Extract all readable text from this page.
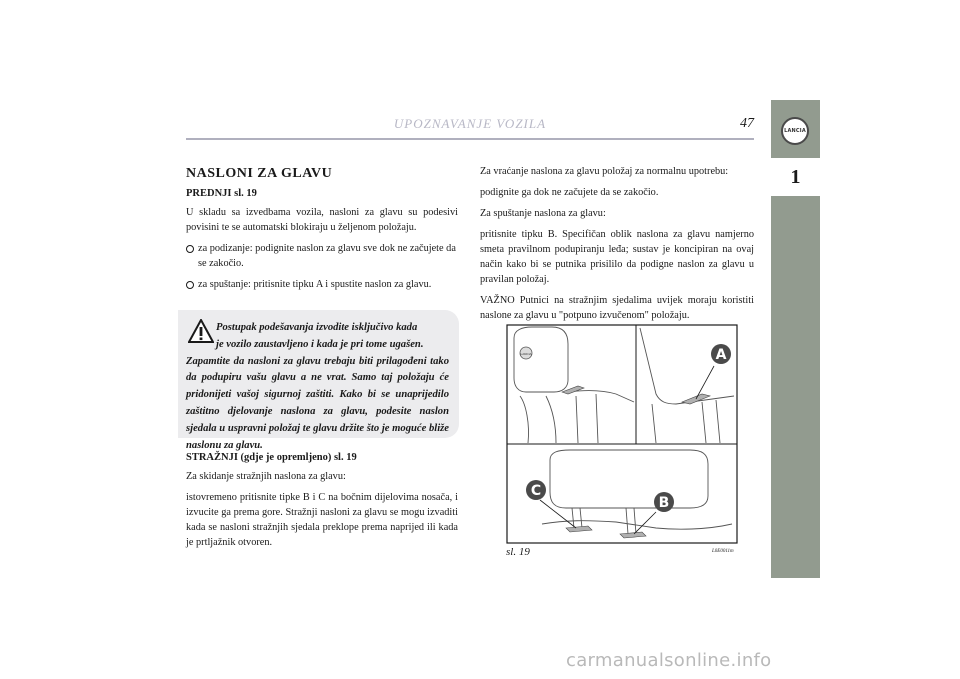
UPOZNAVANJE VOZILA	47	LANCIA
1
NASLONI ZA GLAVU
PREDNJI sl. 19
U skladu sa izvedbama vozila, nasloni za glavu su podesivi povisini te se automatski blokiraju u željenom položaju.
za podizanje: podignite naslon za glavu sve dok ne začujete da se zakočio.
za spuštanje: pritisnite tipku A i spustite naslon za glavu.
Postupak podešavanja izvodite isključivo kada
je vozilo zaustavljeno i kada je pri tome ugašen.
Zapamtite da nasloni za glavu trebaju biti prilagođeni tako da podupiru vašu glavu a ne vrat. Samo taj položaju će pridonijeti vašoj sigurnoj zaštiti. Kako bi se unaprijedilo zaštitno djelovanje naslona za glavu, podesite naslon sjedala u uspravni položaj te glavu držite što je moguće bliže naslonu za glavu.
STRAŽNJI (gdje je opremljeno) sl. 19
Za skidanje stražnjih naslona za glavu:
istovremeno pritisnite tipke B i C na bočnim dijelovima nosača, i izvucite ga prema gore. Stražnji nasloni za glavu se mogu izvaditi kada se nasloni stražnjih sjedala preklope prema naprijed ili kada je prtljažnik otvoren.
Za vraćanje naslona za glavu položaj za normalnu upotrebu:
podignite ga dok ne začujete da se zakočio.
Za spuštanje naslona za glavu:
pritisnite tipku B. Specifičan oblik naslona za glavu namjerno smeta pravilnom podupiranju leđa; sustav je koncipiran na ovaj način kako bi se putnika prisililo da podigne naslon za glavu u pravilan položaj.
VAŽNO Putnici na stražnjim sjedalima uvijek moraju koristiti naslone za glavu u "potpuno izvučenom" položaju.
LANCIA	A
C
B
sl. 19	L0E0011m
carmanualsonline.info
